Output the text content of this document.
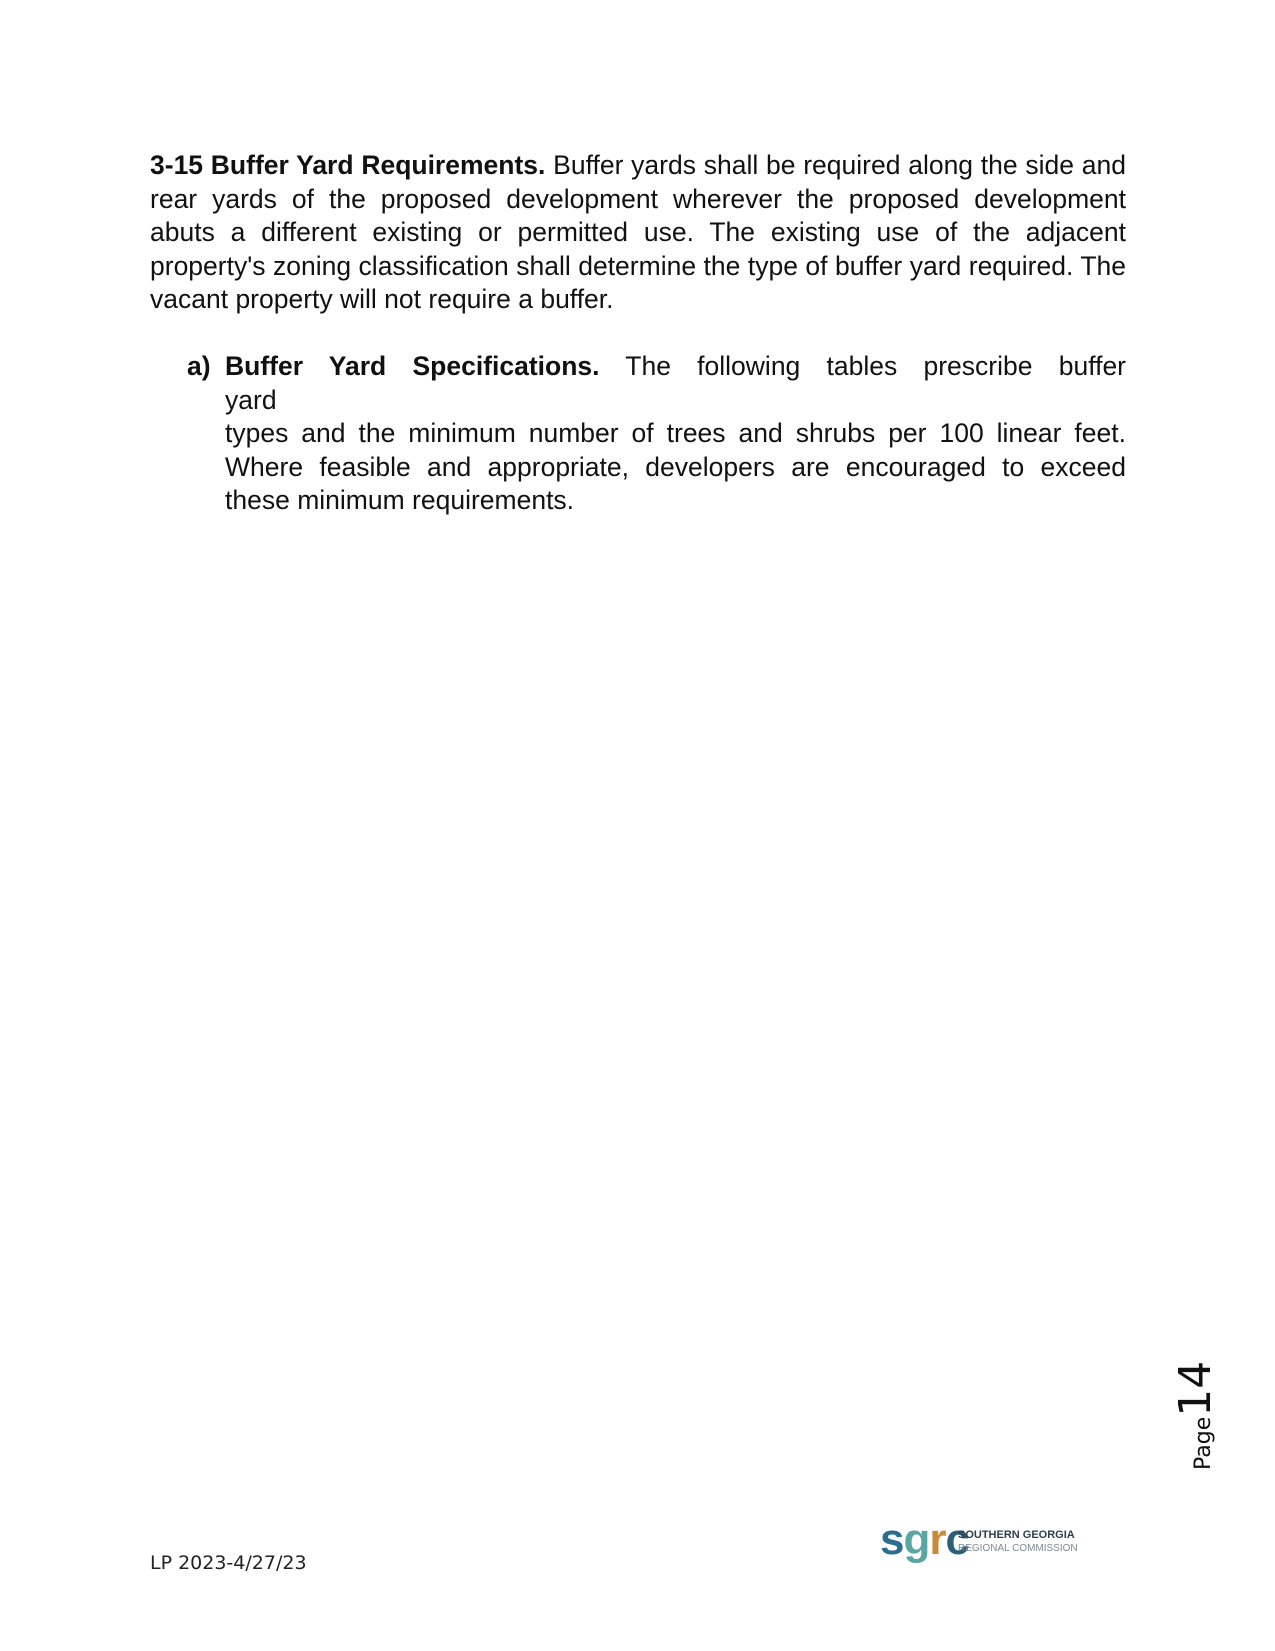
3-15 Buffer Yard Requirements. Buffer yards shall be required along the side and rear yards of the proposed development wherever the proposed development abuts a different existing or permitted use. The existing use of the adjacent property's zoning classification shall determine the type of buffer yard required. The vacant property will not require a buffer.
a) Buffer Yard Specifications. The following tables prescribe buffer
yard
types and the minimum number of trees and shrubs per 100 linear feet. Where feasible and appropriate, developers are encouraged to exceed these minimum requirements.
Page14
LP 2023-4/27/23	sgrc
SOUTHERN GEORGIA
REGIONAL COMMISSION
